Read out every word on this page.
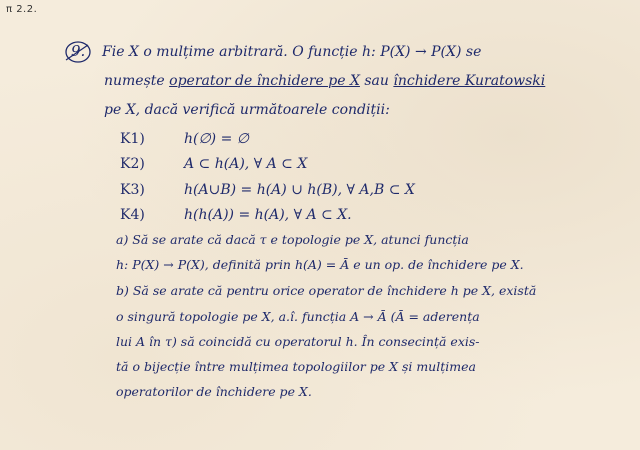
π 2.2.
9. Fie X o mulțime arbitrară. O funcție h: P(X) → P(X) se
numește operator de închidere pe X sau închidere Kuratowski
pe X, dacă verifică următoarele condiții:
K1)	h(∅) = ∅
K2)	A ⊂ h(A), ∀ A ⊂ X
K3)	h(A∪B) = h(A) ∪ h(B), ∀ A,B ⊂ X
K4)	h(h(A)) = h(A), ∀ A ⊂ X.
a) Să se arate că dacă τ e topologie pe X, atunci funcția
h: P(X) → P(X), definită prin h(A) = Ā e un op. de închidere pe X.
b) Să se arate că pentru orice operator de închidere h pe X, există
o singură topologie pe X, a.î. funcția A → Ā (Ā = aderența
lui A în τ) să coincidă cu operatorul h. În consecință exis-
tă o bijecție între mulțimea topologiilor pe X și mulțimea
operatorilor de închidere pe X.
